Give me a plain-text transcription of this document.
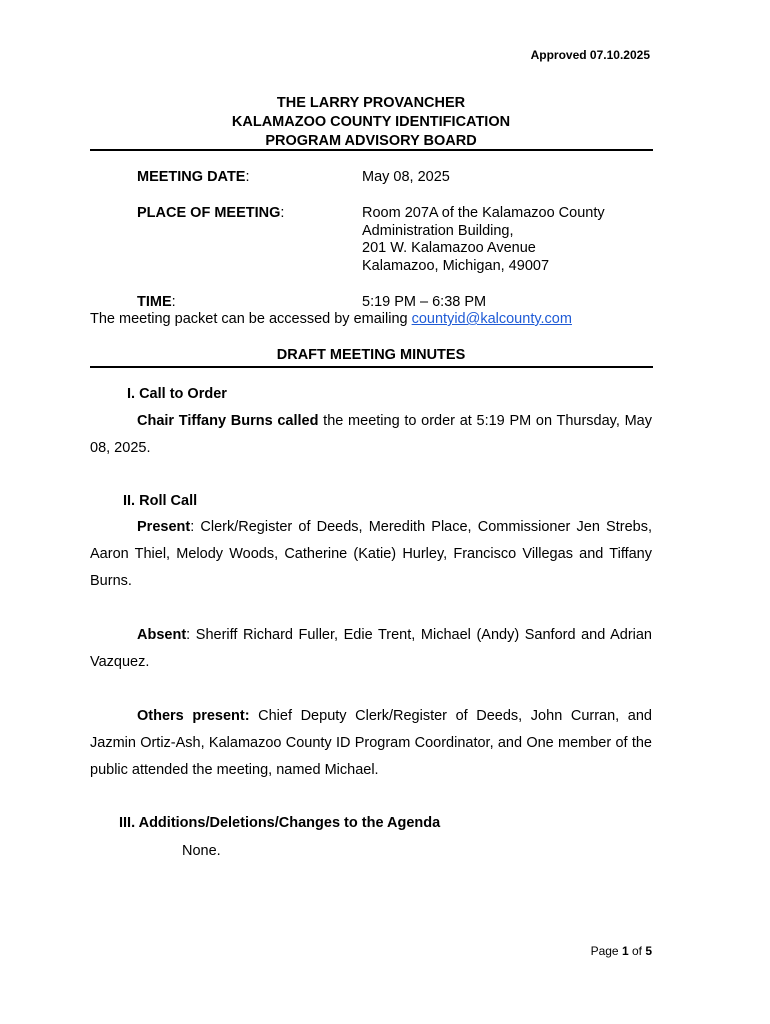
Approved 07.10.2025
THE LARRY PROVANCHER
KALAMAZOO COUNTY IDENTIFICATION
PROGRAM ADVISORY BOARD
MEETING DATE:	May 08, 2025
PLACE OF MEETING:	Room 207A of the Kalamazoo County
Administration Building,
201 W. Kalamazoo Avenue
Kalamazoo, Michigan, 49007
TIME:	5:19 PM – 6:38 PM
The meeting packet can be accessed by emailing countyid@kalcounty.com
DRAFT MEETING MINUTES
I. Call to Order
Chair Tiffany Burns called the meeting to order at 5:19 PM on Thursday, May 08, 2025.
II. Roll Call
Present: Clerk/Register of Deeds, Meredith Place, Commissioner Jen Strebs, Aaron Thiel, Melody Woods, Catherine (Katie) Hurley, Francisco Villegas and Tiffany Burns.
Absent: Sheriff Richard Fuller, Edie Trent, Michael (Andy) Sanford and Adrian Vazquez.
Others present: Chief Deputy Clerk/Register of Deeds, John Curran, and Jazmin Ortiz-Ash, Kalamazoo County ID Program Coordinator, and One member of the public attended the meeting, named Michael.
III. Additions/Deletions/Changes to the Agenda
None.
Page 1 of 5
